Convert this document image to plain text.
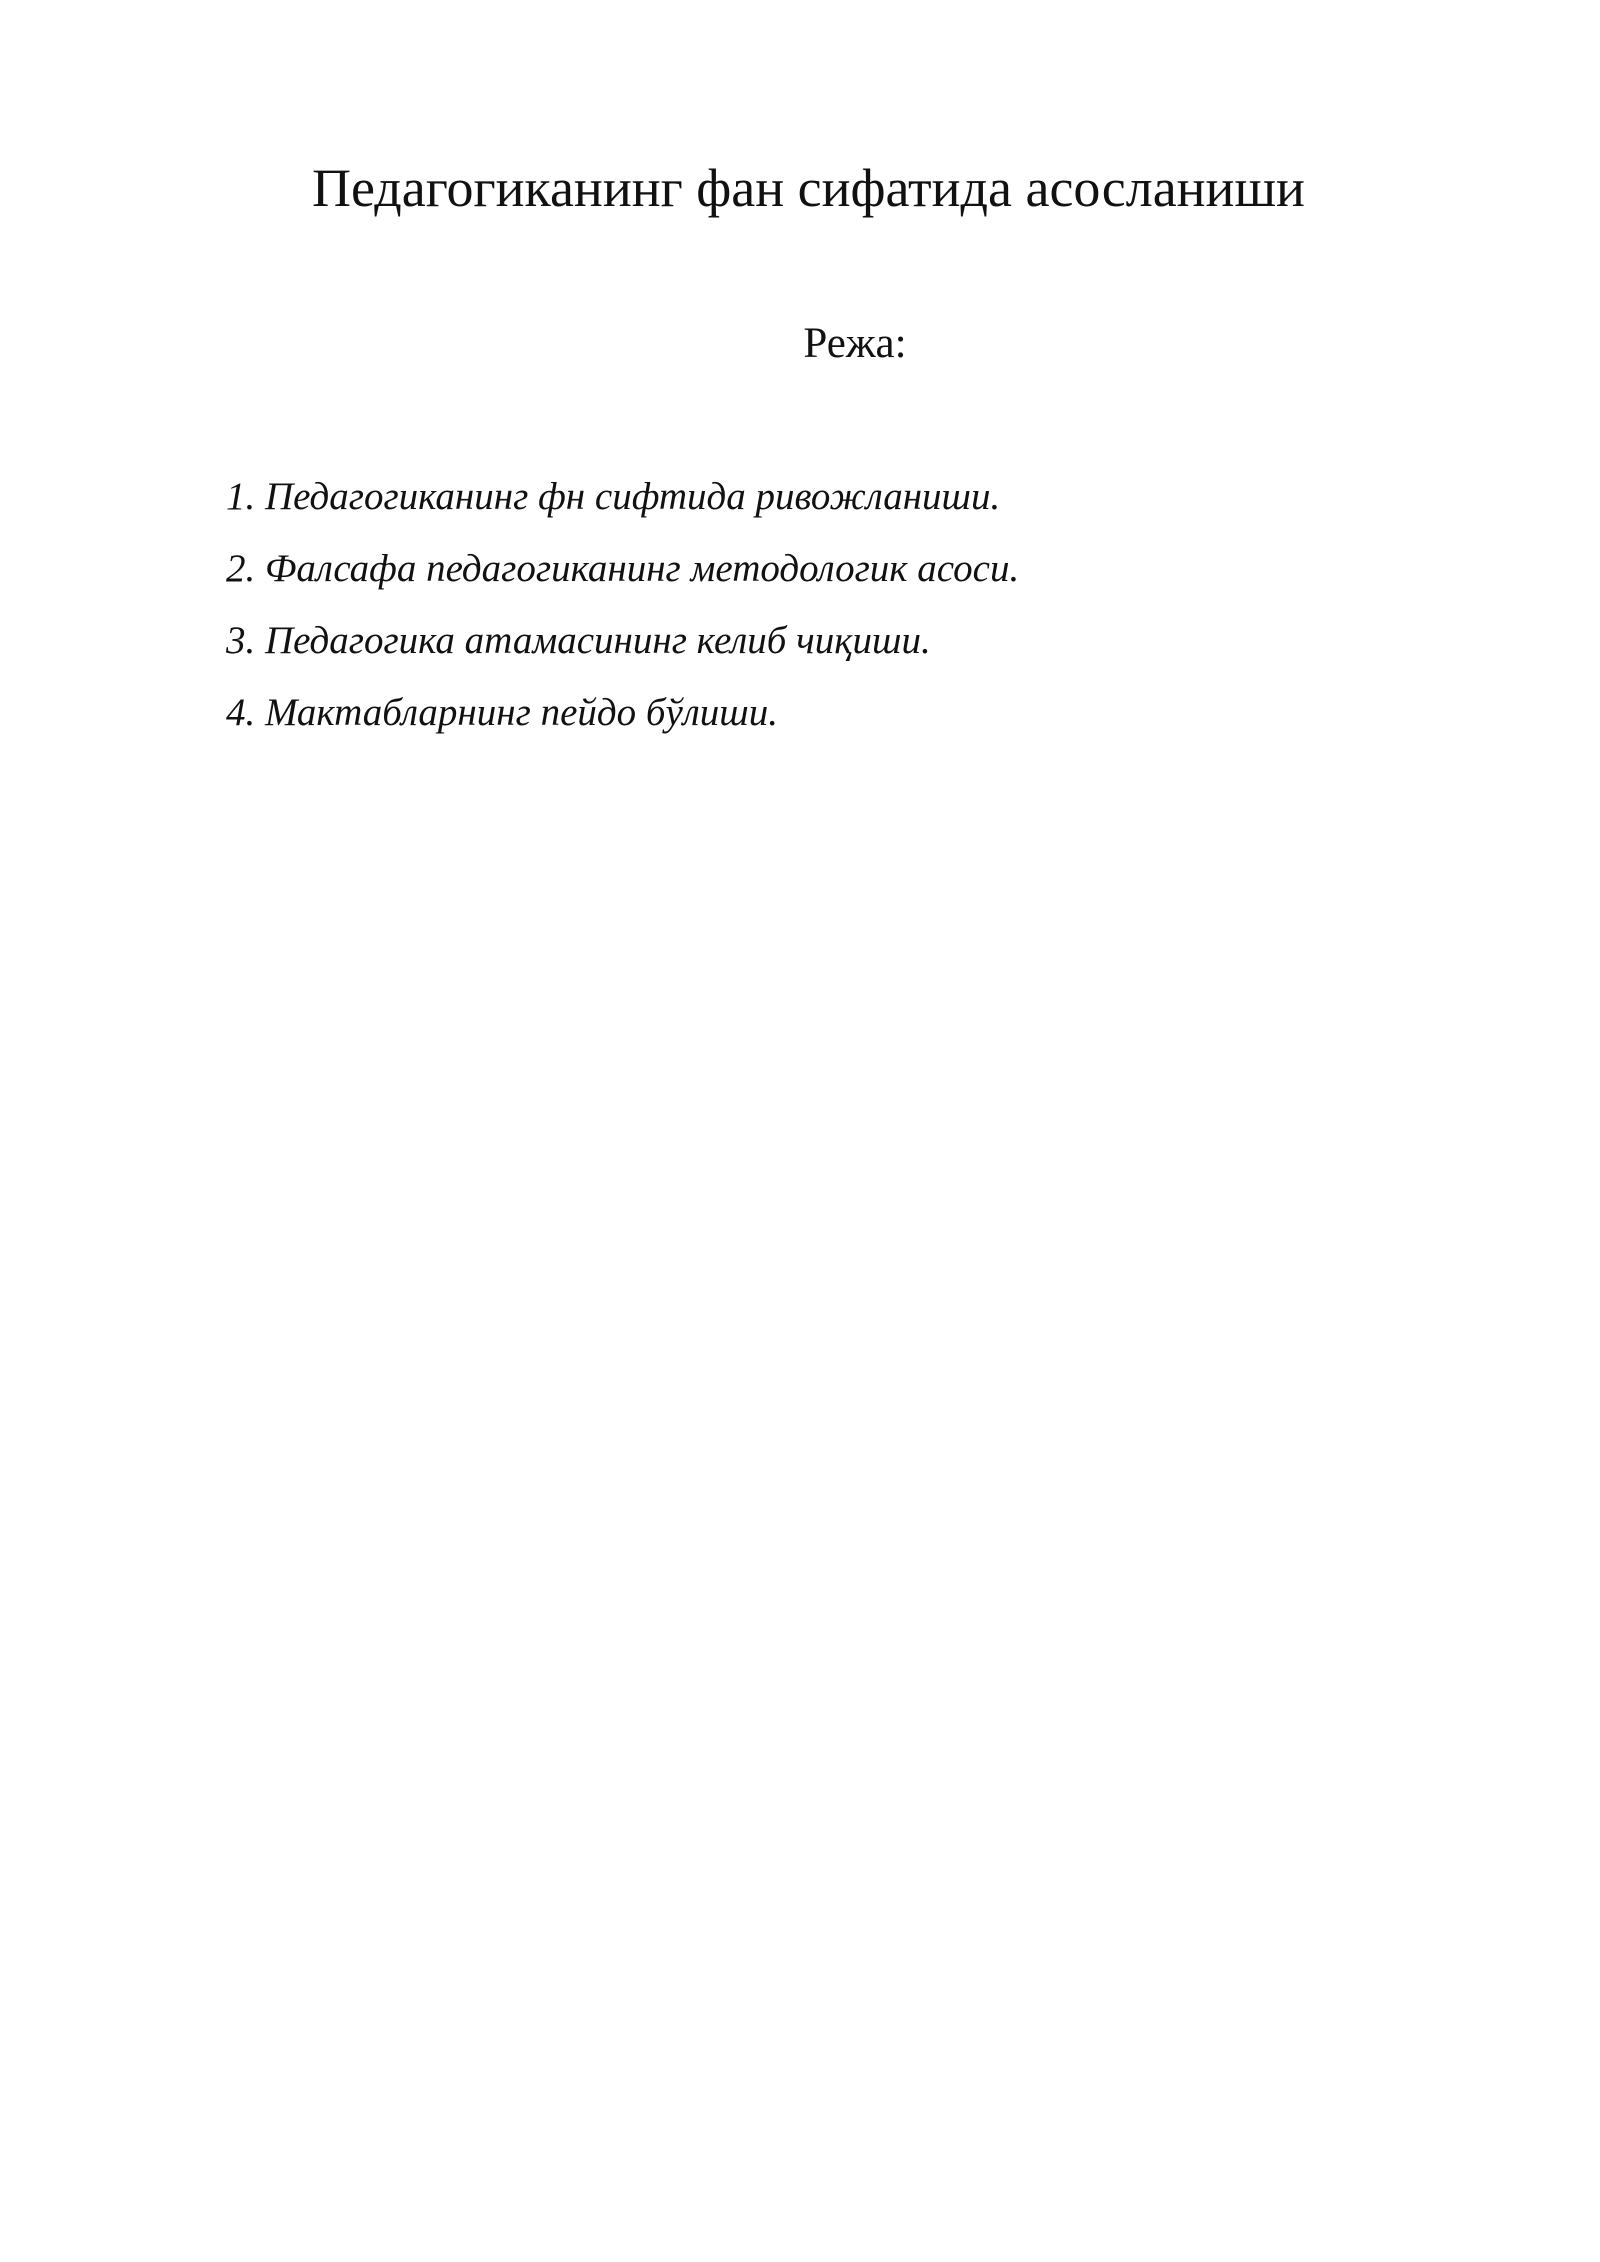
Педагогиканинг фан сифатида асосланиши
Режа:
1. Педагогиканинг фн сифтида ривожланиши.
2. Фалсафа педагогиканинг методологик асоси.
3. Педагогика атамасининг келиб чиқиши.
4. Мактабларнинг пейдо бўлиши.
